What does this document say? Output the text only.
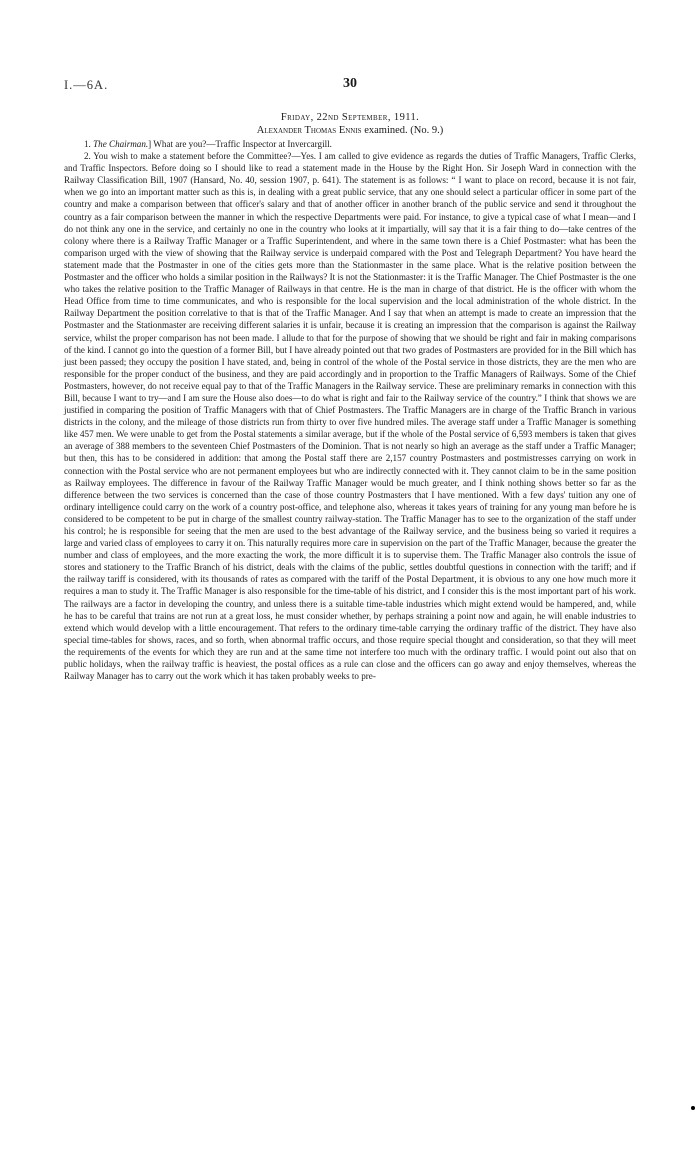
I.—6A.	30
Friday, 22nd September, 1911.
Alexander Thomas Ennis examined. (No. 9.)

1. The Chairman.] What are you?—Traffic Inspector at Invercargill.

2. You wish to make a statement before the Committee?—Yes. I am called to give evidence as regards the duties of Traffic Managers, Traffic Clerks, and Traffic Inspectors. Before doing so I should like to read a statement made in the House by the Right Hon. Sir Joseph Ward in connection with the Railway Classification Bill, 1907 (Hansard, No. 40, session 1907, p. 641). The statement is as follows: “ I want to place on record, because it is not fair, when we go into an important matter such as this is, in dealing with a great public service, that any one should select a particular officer in some part of the country and make a comparison between that officer's salary and that of another officer in another branch of the public service and send it throughout the country as a fair comparison between the manner in which the respective Departments were paid. For instance, to give a typical case of what I mean—and I do not think any one in the service, and certainly no one in the country who looks at it impartially, will say that it is a fair thing to do—take centres of the colony where there is a Railway Traffic Manager or a Traffic Superintendent, and where in the same town there is a Chief Postmaster: what has been the comparison urged with the view of showing that the Railway service is underpaid compared with the Post and Telegraph Department? You have heard the statement made that the Postmaster in one of the cities gets more than the Stationmaster in the same place. What is the relative position between the Postmaster and the officer who holds a similar position in the Railways? It is not the Stationmaster: it is the Traffic Manager. The Chief Postmaster is the one who takes the relative position to the Traffic Manager of Railways in that centre. He is the man in charge of that district. He is the officer with whom the Head Office from time to time communicates, and who is responsible for the local supervision and the local administration of the whole district. In the Railway Department the position correlative to that is that of the Traffic Manager. And I say that when an attempt is made to create an impression that the Postmaster and the Stationmaster are receiving different salaries it is unfair, because it is creating an impression that the comparison is against the Railway service, whilst the proper comparison has not been made. I allude to that for the purpose of showing that we should be right and fair in making comparisons of the kind. I cannot go into the question of a former Bill, but I have already pointed out that two grades of Postmasters are provided for in the Bill which has just been passed; they occupy the position I have stated, and, being in control of the whole of the Postal service in those districts, they are the men who are responsible for the proper conduct of the business, and they are paid accordingly and in proportion to the Traffic Managers of Railways. Some of the Chief Postmasters, however, do not receive equal pay to that of the Traffic Managers in the Railway service. These are preliminary remarks in connection with this Bill, because I want to try—and I am sure the House also does—to do what is right and fair to the Railway service of the country.” I think that shows we are justified in comparing the position of Traffic Managers with that of Chief Postmasters. The Traffic Managers are in charge of the Traffic Branch in various districts in the colony, and the mileage of those districts run from thirty to over five hundred miles. The average staff under a Traffic Manager is something like 457 men. We were unable to get from the Postal statements a similar average, but if the whole of the Postal service of 6,593 members is taken that gives an average of 388 members to the seventeen Chief Postmasters of the Dominion. That is not nearly so high an average as the staff under a Traffic Manager; but then, this has to be considered in addition: that among the Postal staff there are 2,157 country Postmasters and postmistresses carrying on work in connection with the Postal service who are not permanent employees but who are indirectly connected with it. They cannot claim to be in the same position as Railway employees. The difference in favour of the Railway Traffic Manager would be much greater, and I think nothing shows better so far as the difference between the two services is concerned than the case of those country Postmasters that I have mentioned. With a few days' tuition any one of ordinary intelligence could carry on the work of a country post-office, and telephone also, whereas it takes years of training for any young man before he is considered to be competent to be put in charge of the smallest country railway-station. The Traffic Manager has to see to the organization of the staff under his control; he is responsible for seeing that the men are used to the best advantage of the Railway service, and the business being so varied it requires a large and varied class of employees to carry it on. This naturally requires more care in supervision on the part of the Traffic Manager, because the greater the number and class of employees, and the more exacting the work, the more difficult it is to supervise them. The Traffic Manager also controls the issue of stores and stationery to the Traffic Branch of his district, deals with the claims of the public, settles doubtful questions in connection with the tariff; and if the railway tariff is considered, with its thousands of rates as compared with the tariff of the Postal Department, it is obvious to any one how much more it requires a man to study it. The Traffic Manager is also responsible for the time-table of his district, and I consider this is the most important part of his work. The railways are a factor in developing the country, and unless there is a suitable time-table industries which might extend would be hampered, and, while he has to be careful that trains are not run at a great loss, he must consider whether, by perhaps straining a point now and again, he will enable industries to extend which would develop with a little encouragement. That refers to the ordinary time-table carrying the ordinary traffic of the district. They have also special time-tables for shows, races, and so forth, when abnormal traffic occurs, and those require special thought and consideration, so that they will meet the requirements of the events for which they are run and at the same time not interfere too much with the ordinary traffic. I would point out also that on public holidays, when the railway traffic is heaviest, the postal offices as a rule can close and the officers can go away and enjoy themselves, whereas the Railway Manager has to carry out the work which it has taken probably weeks to pre-
